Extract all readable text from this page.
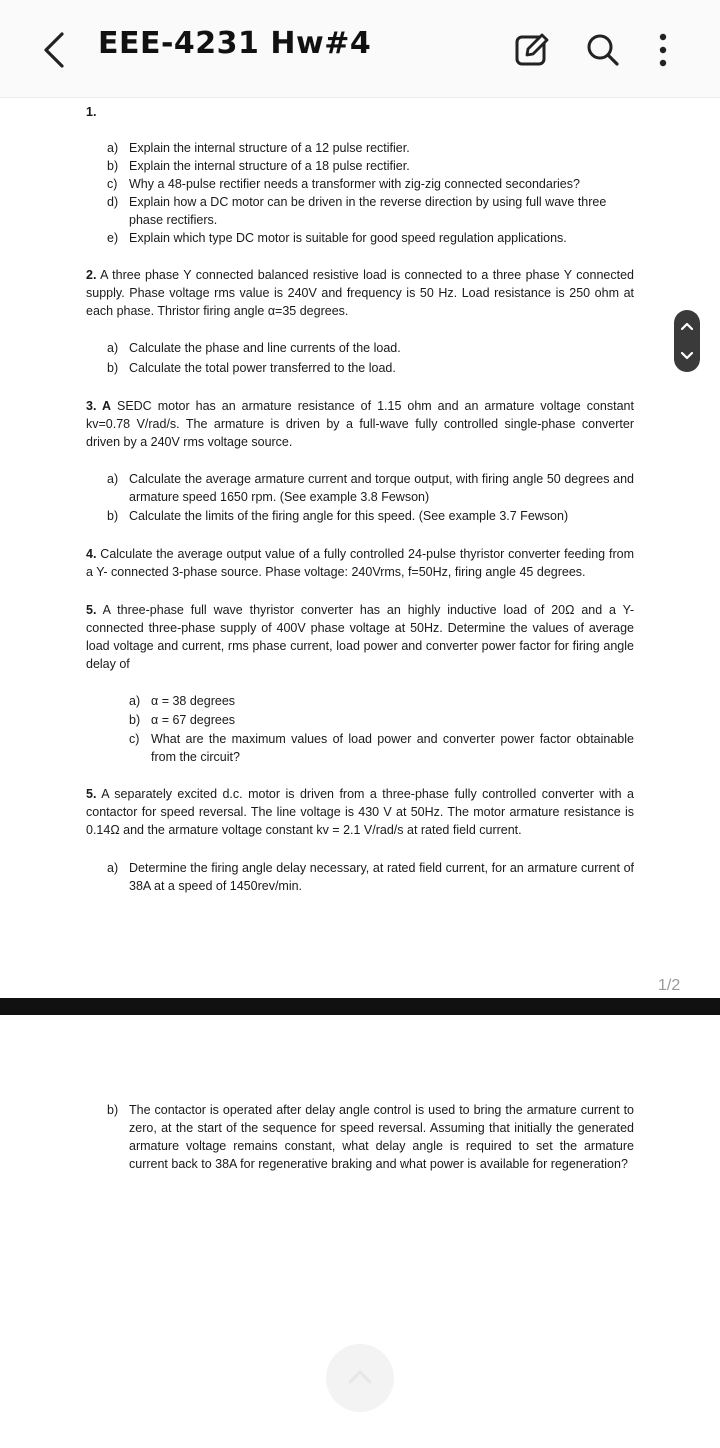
EEE-4231 Hw#4
1.
a) Explain the internal structure of a 12 pulse rectifier.
b) Explain the internal structure of a 18 pulse rectifier.
c) Why a 48-pulse rectifier needs a transformer with zig-zig connected secondaries?
d) Explain how a DC motor can be driven in the reverse direction by using full wave three phase rectifiers.
e) Explain which type DC motor is suitable for good speed regulation applications.
2. A three phase Y connected balanced resistive load is connected to a three phase Y connected supply. Phase voltage rms value is 240V and frequency is 50 Hz. Load resistance is 250 ohm at each phase. Thristor firing angle α=35 degrees.
a) Calculate the phase and line currents of the load.
b) Calculate the total power transferred to the load.
3. A SEDC motor has an armature resistance of 1.15 ohm and an armature voltage constant kv=0.78 V/rad/s. The armature is driven by a full-wave fully controlled single-phase converter driven by a 240V rms voltage source.
a) Calculate the average armature current and torque output, with firing angle 50 degrees and armature speed 1650 rpm. (See example 3.8 Fewson)
b) Calculate the limits of the firing angle for this speed. (See example 3.7 Fewson)
4. Calculate the average output value of a fully controlled 24-pulse thyristor converter feeding from a Y- connected 3-phase source. Phase voltage: 240Vrms, f=50Hz, firing angle 45 degrees.
5. A three-phase full wave thyristor converter has an highly inductive load of 20Ω and a Y-connected three-phase supply of 400V phase voltage at 50Hz. Determine the values of average load voltage and current, rms phase current, load power and converter power factor for firing angle delay of
a) α = 38 degrees
b) α = 67 degrees
c) What are the maximum values of load power and converter power factor obtainable from the circuit?
5. A separately excited d.c. motor is driven from a three-phase fully controlled converter with a contactor for speed reversal. The line voltage is 430 V at 50Hz. The motor armature resistance is 0.14Ω and the armature voltage constant kv = 2.1 V/rad/s at rated field current.
a) Determine the firing angle delay necessary, at rated field current, for an armature current of 38A at a speed of 1450rev/min.
b) The contactor is operated after delay angle control is used to bring the armature current to zero, at the start of the sequence for speed reversal. Assuming that initially the generated armature voltage remains constant, what delay angle is required to set the armature current back to 38A for regenerative braking and what power is available for regeneration?
1/2
